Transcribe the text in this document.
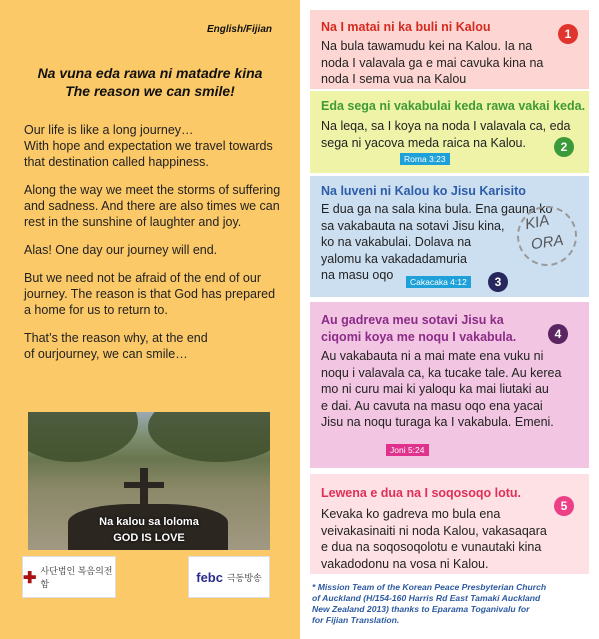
English/Fijian
Na vuna eda rawa ni matadre kina
The reason we can smile!

Our life is like a long journey…
With hope and expectation we travel towards
that destination called happiness.

Along the way we meet the storms of suffering
and sadness. And there are also times we can
rest in the sunshine of laughter and joy.

Alas! One day our journey will end.

But we need not be afraid of the end of our
journey. The reason is that God has prepared
a home for us to return to.

That’s the reason why, at the end
of ourjourney, we can smile…

Na kalou sa loloma
GOD IS LOVE
✚ 사단법인 복음의전함	febc 극동방송
Na I matai ni ka buli ni Kalou	1
Na bula tawamudu kei na Kalou. Ia na
noda I valavala ga e mai cavuka kina na
noda I sema vua na Kalou
Eda sega ni vakabulai keda rawa vakai keda.
Na leqa, sa I koya na noda I valavala ca, eda
sega ni yacova meda raica na Kalou.
Roma 3:23
2
Na luveni ni Kalou ko Jisu Karisito
E dua ga na sala kina bula. Ena gauna ko
sa vakabauta na sotavi Jisu kina,
ko na vakabulai. Dolava na
yalomu ka vakadadamuria
na masu oqo	Cakacaka 4:12	3
KIA
ORA
Au gadreva meu sotavi Jisu ka
ciqomi koya me noqu I vakabula.	4
Au vakabauta ni a mai mate ena vuku ni
noqu i valavala ca, ka tucake tale. Au kerea
mo ni curu mai ki yaloqu ka mai liutaki au
e dai. Au cavuta na masu oqo ena yacai
Jisu na noqu turaga ka I vakabula. Emeni.
Joni 5:24
Lewena e dua na I soqosoqo lotu.
5
Kevaka ko gadreva mo bula ena
veivakasinaiti ni noda Kalou, vakasaqara
e dua na soqosoqolotu e vunautaki kina
vakadodonu na vosa ni Kalou.
* Mission Team of the Korean Peace Presbyterian Church
of Auckland (H/154-160 Harris Rd East Tamaki Auckland
New Zealand 2013) thanks to Eparama Toganivalu for
for Fijian Translation.
